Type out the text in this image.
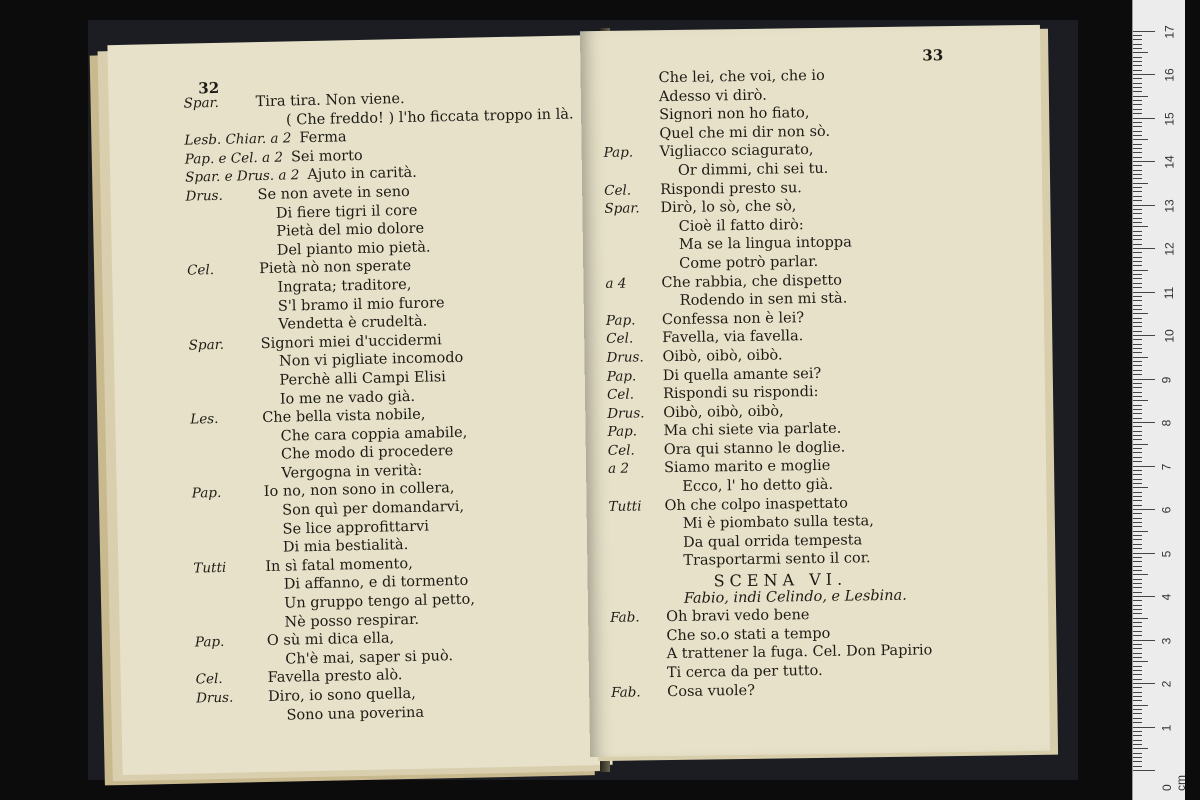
32
Spar.	Tira tira. Non viene.
( Che freddo! ) l'ho ficcata troppo in là.
Lesb. Chiar. a 2 Ferma
Pap. e Cel. a 2 Sei morto
Spar. e Drus. a 2 Ajuto in carità.
Drus.	Se non avete in seno
Di fiere tigri il core
Pietà del mio dolore
Del pianto mio pietà.
Cel.	Pietà nò non sperate
Ingrata; traditore,
S'l bramo il mio furore
Vendetta è crudeltà.
Spar.	Signori miei d'uccidermi
Non vi pigliate incomodo
Perchè alli Campi Elisi
Io me ne vado già.
Les.	Che bella vista nobile,
Che cara coppia amabile,
Che modo di procedere
Vergogna in verità:
Pap.	Io no, non sono in collera,
Son quì per domandarvi,
Se lice approfittarvi
Di mia bestialità.
Tutti	In sì fatal momento,
Di affanno, e di tormento
Un gruppo tengo al petto,
Nè posso respirar.
Pap.	O sù mi dica ella,
Ch'è mai, saper si può.
Cel.	Favella presto alò.
Drus.	Diro, io sono quella,
Sono una poverina
33
Che lei, che voi, che io
Adesso vi dirò.
Signori non ho fiato,
Quel che mi dir non sò.
Pap.	Vigliacco sciagurato,
Or dimmi, chi sei tu.
Cel.	Rispondi presto su.
Spar.	Dirò, lo sò, che sò,
Cioè il fatto dirò:
Ma se la lingua intoppa
Come potrò parlar.
a 4	Che rabbia, che dispetto
Rodendo in sen mi stà.
Pap.	Confessa non è lei?
Cel.	Favella, via favella.
Drus.	Oibò, oibò, oibò.
Pap.	Di quella amante sei?
Cel.	Rispondi su rispondi:
Drus.	Oibò, oibò, oibò,
Pap.	Ma chi siete via parlate.
Cel.	Ora qui stanno le doglie.
a 2	Siamo marito e moglie
Ecco, l' ho detto già.
Tutti	Oh che colpo inaspettato
Mi è piombato sulla testa,
Da qual orrida tempesta
Trasportarmi sento il cor.
SCENA VI.
Fabio, indi Celindo, e Lesbina.
Fab.	Oh bravi vedo bene
Che so.o stati a tempo
A trattener la fuga. Cel. Don Papirio
Ti cerca da per tutto.
Fab.	Cosa vuole?
0 cm
1
2
3
4
5
6
7
8
9
10
11
12
13
14
15
16
17
